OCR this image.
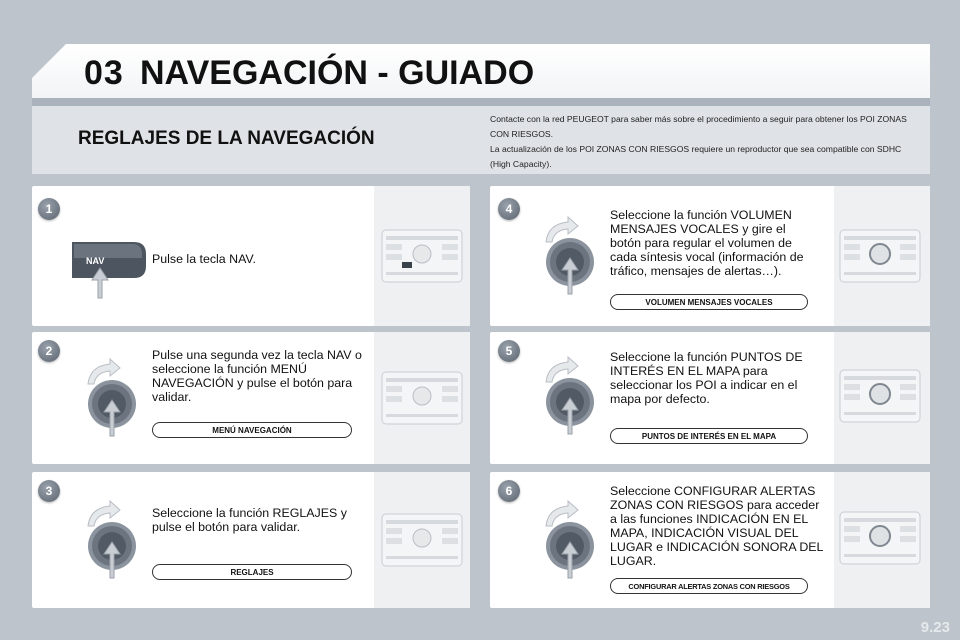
03 NAVEGACIÓN - GUIADO
REGLAJES DE LA NAVEGACIÓN
Contacte con la red PEUGEOT para saber más sobre el procedimiento a seguir para obtener los POI ZONAS CON RIESGOS.
La actualización de los POI ZONAS CON RIESGOS requiere un reproductor que sea compatible con SDHC (High Capacity).
1
NAV	Pulse la tecla NAV.
2	Pulse una segunda vez la tecla NAV o seleccione la función MENÚ NAVEGACIÓN y pulse el botón para validar.
MENÚ NAVEGACIÓN
3
Seleccione la función REGLAJES y pulse el botón para validar.
REGLAJES
4	Seleccione la función VOLUMEN MENSAJES VOCALES y gire el botón para regular el volumen de cada síntesis vocal (información de tráfico, mensajes de alertas…).
VOLUMEN MENSAJES VOCALES
5	Seleccione la función PUNTOS DE INTERÉS EN EL MAPA para seleccionar los POI a indicar en el mapa por defecto.
PUNTOS DE INTERÉS EN EL MAPA
6	Seleccione CONFIGURAR ALERTAS ZONAS CON RIESGOS para acceder a las funciones INDICACIÓN EN EL MAPA, INDICACIÓN VISUAL DEL LUGAR e INDICACIÓN SONORA DEL LUGAR.
CONFIGURAR ALERTAS ZONAS CON RIESGOS
9.23
